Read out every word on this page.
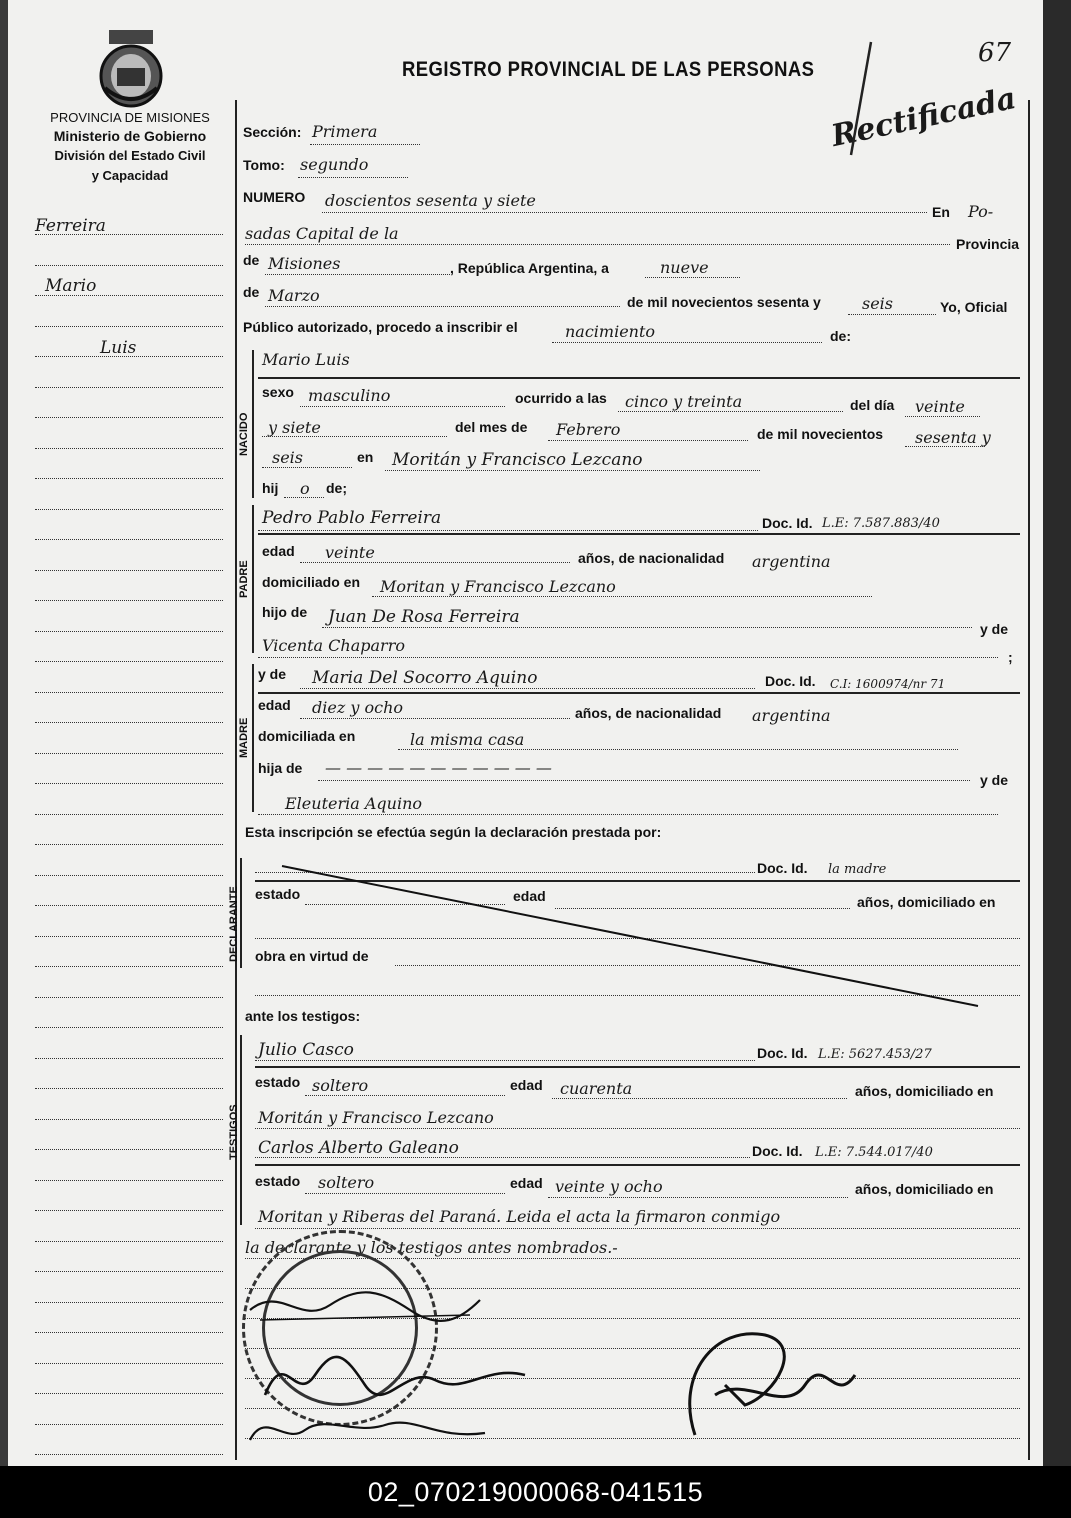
PROVINCIA DE MISIONES
Ministerio de Gobierno
División del Estado Civil
y Capacidad
REGISTRO PROVINCIAL DE LAS PERSONAS
67
Rectificada
Ferreira
Mario
Luis
Sección: Primera
Tomo: segundo
NUMERO doscientos sesenta y siete
En Po-
sadas Capital de la
Provincia
de Misiones	, República Argentina, a	nueve
de Marzo	de mil novecientos sesenta y	seis	Yo, Oficial
Público autorizado, procedo a inscribir el	nacimiento	de:
NACIDO
Mario Luis
sexo masculino	ocurrido a las cinco y treinta	del día veinte
y siete	del mes de Febrero	de mil novecientos sesenta y
seis	en Moritán y Francisco Lezcano
hij o de;
PADRE
Pedro Pablo Ferreira	Doc. Id. L.E: 7.587.883/40
edad veinte	años, de nacionalidad argentina
domiciliado en Moritan y Francisco Lezcano
hijo de Juan De Rosa Ferreira
y de
Vicenta Chaparro
;
MADRE
y de Maria Del Socorro Aquino	Doc. Id. C.I: 1600974/nr 71
edad diez y ocho	años, de nacionalidad argentina
domiciliada en	la misma casa
hija de — — — — — — — — — — —
y de
Eleuteria Aquino
Esta inscripción se efectúa según la declaración prestada por:
DECLARANTE
Doc. Id. la madre
estado	edad	años, domiciliado en
obra en virtud de
ante los testigos:
TESTIGOS
Julio Casco	Doc. Id. L.E: 5627.453/27
estado soltero	edad cuarenta	años, domiciliado en
Moritán y Francisco Lezcano
Carlos Alberto Galeano	Doc. Id. L.E: 7.544.017/40
estado soltero	edad veinte y ocho	años, domiciliado en
Moritan y Riberas del Paraná. Leida el acta la firmaron conmigo
la declarante y los testigos antes nombrados.-
02_070219000068-041515
